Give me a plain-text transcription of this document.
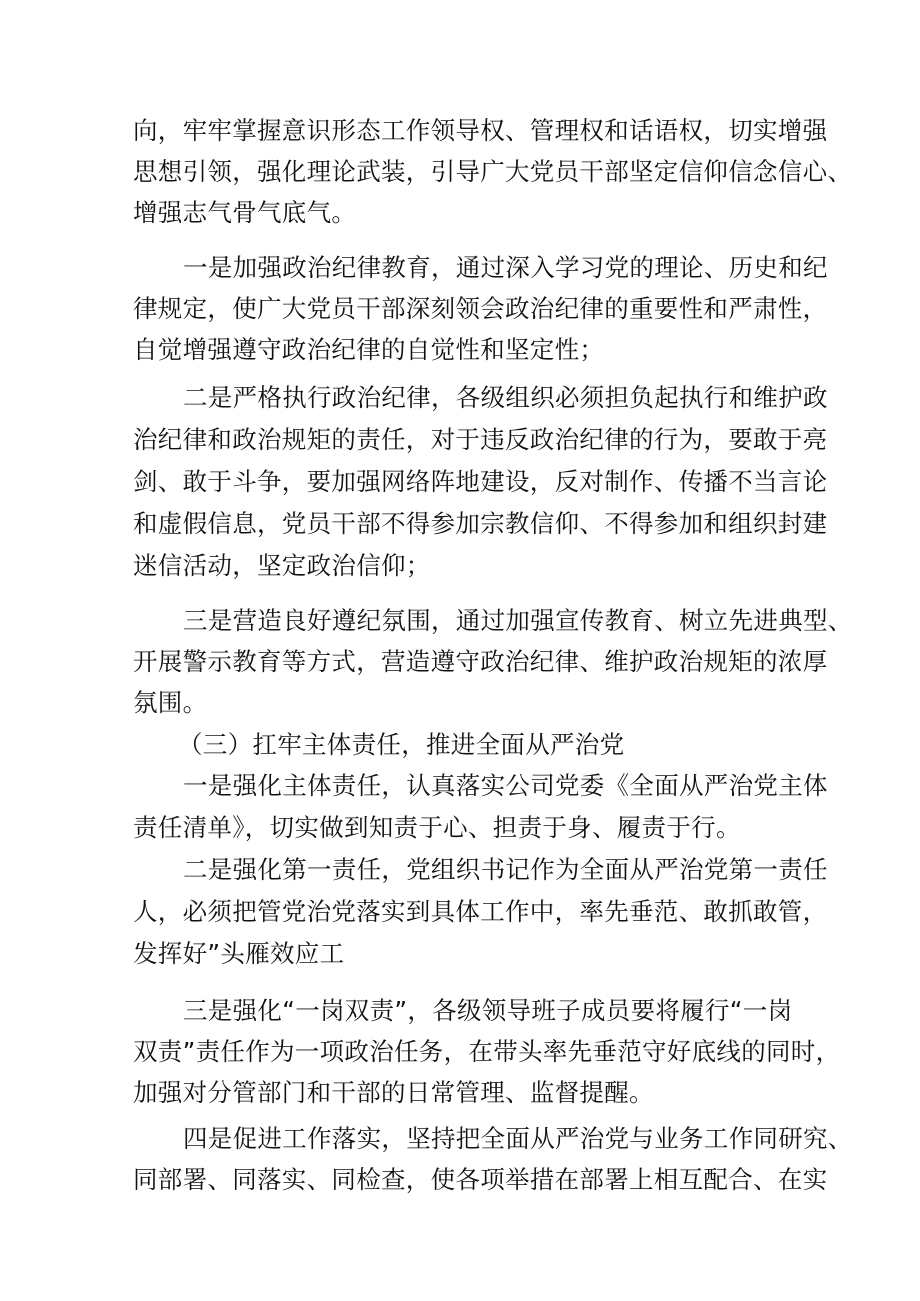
向，牢牢掌握意识形态工作领导权、管理权和话语权，切实增强
思想引领，强化理论武装，引导广大党员干部坚定信仰信念信心、
增强志气骨气底气。
一是加强政治纪律教育，通过深入学习党的理论、历史和纪
律规定，使广大党员干部深刻领会政治纪律的重要性和严肃性，
自觉增强遵守政治纪律的自觉性和坚定性；
二是严格执行政治纪律，各级组织必须担负起执行和维护政
治纪律和政治规矩的责任，对于违反政治纪律的行为，要敢于亮
剑、敢于斗争，要加强网络阵地建设，反对制作、传播不当言论
和虚假信息，党员干部不得参加宗教信仰、不得参加和组织封建
迷信活动，坚定政治信仰；
三是营造良好遵纪氛围，通过加强宣传教育、树立先进典型、
开展警示教育等方式，营造遵守政治纪律、维护政治规矩的浓厚
氛围。
（三）扛牢主体责任，推进全面从严治党
一是强化主体责任，认真落实公司党委《全面从严治党主体
责任清单》，切实做到知责于心、担责于身、履责于行。
二是强化第一责任，党组织书记作为全面从严治党第一责任
人，必须把管党治党落实到具体工作中，率先垂范、敢抓敢管，
发挥好”头雁效应工
三是强化“一岗双责”，各级领导班子成员要将履行“一岗
双责”责任作为一项政治任务，在带头率先垂范守好底线的同时，
加强对分管部门和干部的日常管理、监督提醒。
四是促进工作落实，坚持把全面从严治党与业务工作同研究、
同部署、同落实、同检查，使各项举措在部署上相互配合、在实
